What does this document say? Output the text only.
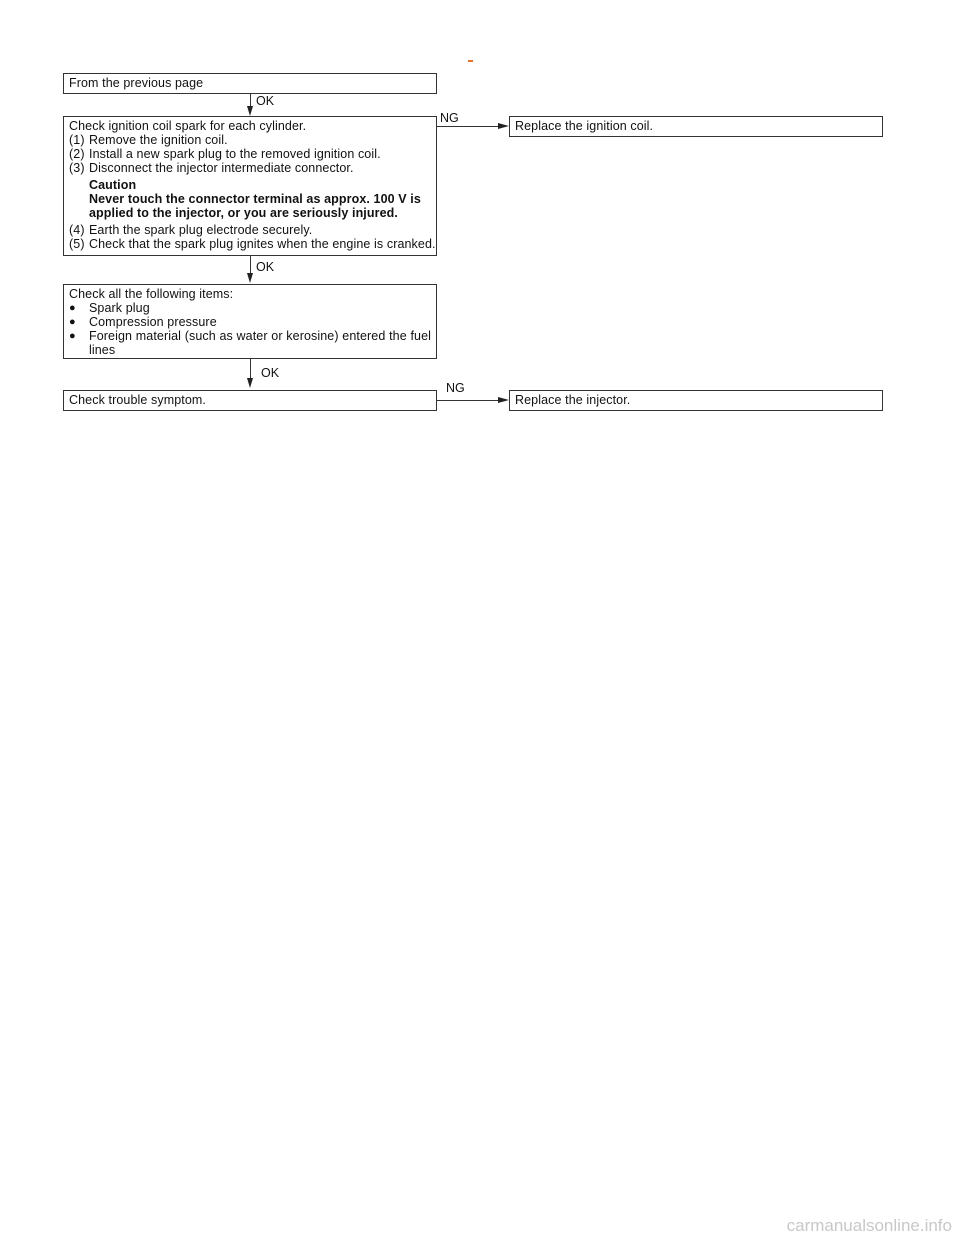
From the previous page
OK
Check ignition coil spark for each cylinder.
(1) Remove the ignition coil.
(2) Install a new spark plug to the removed ignition coil.
(3) Disconnect the injector intermediate connector.
Caution
Never touch the connector terminal as approx. 100 V is
applied to the injector, or you are seriously injured.
(4) Earth the spark plug electrode securely.
(5) Check that the spark plug ignites when the engine is cranked.
NG
Replace the ignition coil.
OK
Check all the following items:
●	Spark plug
●	Compression pressure
●	Foreign material (such as water or kerosine) entered the fuel lines
OK
Check trouble symptom.
NG
Replace the injector.
carmanualsonline.info
